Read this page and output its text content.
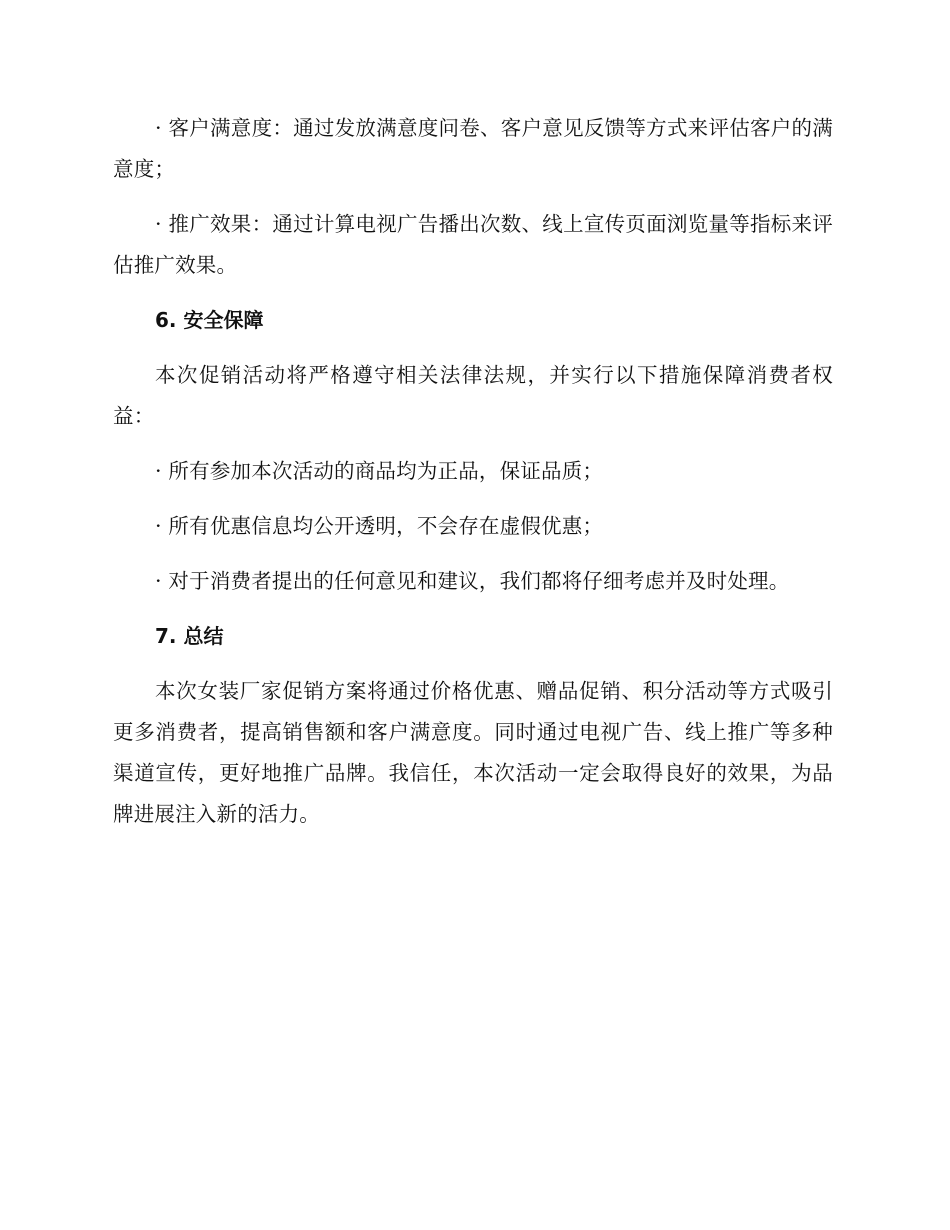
· 客户满意度：通过发放满意度问卷、客户意见反馈等方式来评估客户的满意度；

· 推广效果：通过计算电视广告播出次数、线上宣传页面浏览量等指标来评估推广效果。

6. 安全保障

本次促销活动将严格遵守相关法律法规，并实行以下措施保障消费者权益：

· 所有参加本次活动的商品均为正品，保证品质；

· 所有优惠信息均公开透明，不会存在虚假优惠；

· 对于消费者提出的任何意见和建议，我们都将仔细考虑并及时处理。

7. 总结

本次女装厂家促销方案将通过价格优惠、赠品促销、积分活动等方式吸引更多消费者，提高销售额和客户满意度。同时通过电视广告、线上推广等多种渠道宣传，更好地推广品牌。我信任，本次活动一定会取得良好的效果，为品牌进展注入新的活力。
